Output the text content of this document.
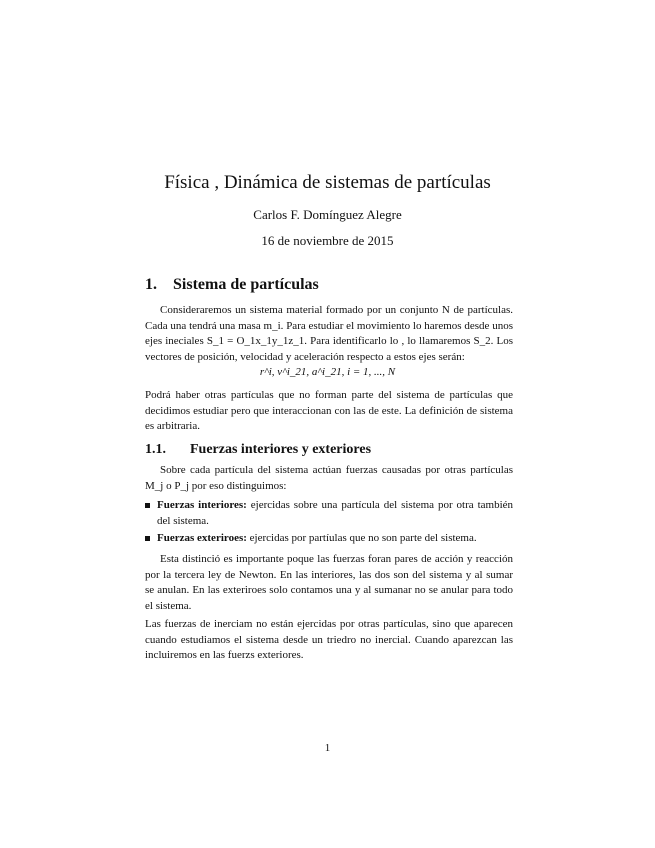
Física , Dinámica de sistemas de partículas
Carlos F. Domínguez Alegre
16 de noviembre de 2015
1. Sistema de partículas
Consideraremos un sistema material formado por un conjunto N de partículas. Cada una tendrá una masa m_i. Para estudiar el movimiento lo haremos desde unos ejes ineciales S_1 = O_1x_1y_1z_1. Para identificarlo lo , lo llamaremos S_2. Los vectores de posición, velocidad y aceleración respecto a estos ejes serán:
r^i, v^i_21, a^i_21, i = 1, ..., N
Podrá haber otras partículas que no forman parte del sistema de partículas que decidimos estudiar pero que interaccionan con las de este. La definición de sistema es arbitraria.
1.1. Fuerzas interiores y exteriores
Sobre cada partícula del sistema actúan fuerzas causadas por otras partículas M_j o P_j por eso distinguimos:
Fuerzas interiores: ejercidas sobre una partícula del sistema por otra también del sistema.
Fuerzas exteriroes: ejercidas por partíulas que no son parte del sistema.
Esta distinció es importante poque las fuerzas foran pares de acción y reacción por la tercera ley de Newton. En las interiores, las dos son del sistema y al sumar se anulan. En las exteriroes solo contamos una y al sumanar no se anular para todo el sistema.
Las fuerzas de inerciam no están ejercidas por otras partículas, sino que aparecen cuando estudiamos el sistema desde un triedro no inercial. Cuando aparezcan las incluiremos en las fuerzs exteriores.
1
